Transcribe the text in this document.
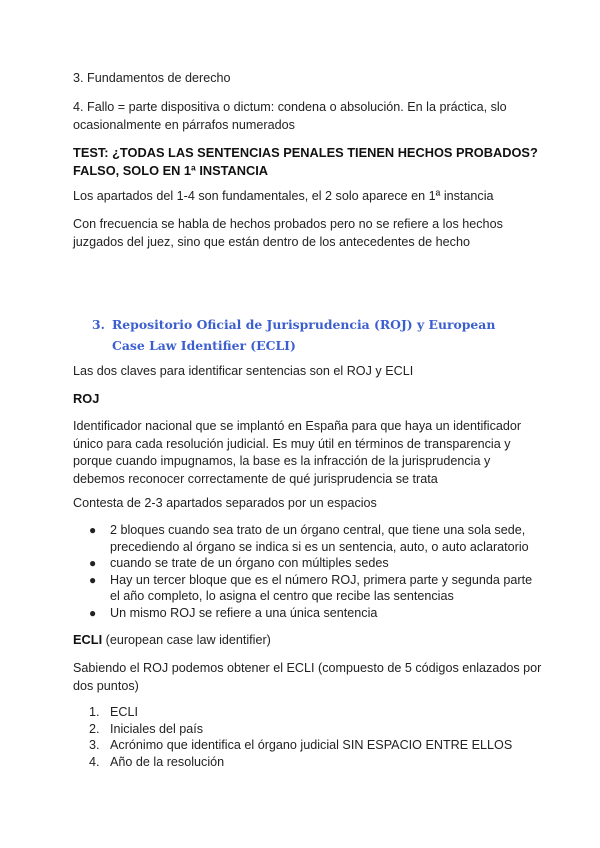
3. Fundamentos de derecho

4. Fallo = parte dispositiva o dictum: condena o absolución. En la práctica, slo ocasionalmente en párrafos numerados

TEST: ¿TODAS LAS SENTENCIAS PENALES TIENEN HECHOS PROBADOS? FALSO, SOLO EN 1ª INSTANCIA

Los apartados del 1-4 son fundamentales, el 2 solo aparece en 1ª instancia

Con frecuencia se habla de hechos probados pero no se refiere a los hechos juzgados del juez, sino que están dentro de los antecedentes de hecho

3. Repositorio Oficial de Jurisprudencia (ROJ) y European Case Law Identifier (ECLI)

Las dos claves para identificar sentencias son el ROJ y ECLI

ROJ

Identificador nacional que se implantó en España para que haya un identificador único para cada resolución judicial. Es muy útil en términos de transparencia y porque cuando impugnamos, la base es la infracción de la jurisprudencia y debemos reconocer correctamente de qué jurisprudencia se trata

Contesta de 2-3 apartados separados por un espacios

● 2 bloques cuando sea trato de un órgano central, que tiene una sola sede, precediendo al órgano se indica si es un sentencia, auto, o auto aclaratorio
● cuando se trate de un órgano con múltiples sedes
● Hay un tercer bloque que es el número ROJ, primera parte y segunda parte el año completo, lo asigna el centro que recibe las sentencias
● Un mismo ROJ se refiere a una única sentencia

ECLI (european case law identifier)

Sabiendo el ROJ podemos obtener el ECLI (compuesto de 5 códigos enlazados por dos puntos)

1. ECLI
2. Iniciales del país
3. Acrónimo que identifica el órgano judicial SIN ESPACIO ENTRE ELLOS
4. Año de la resolución
